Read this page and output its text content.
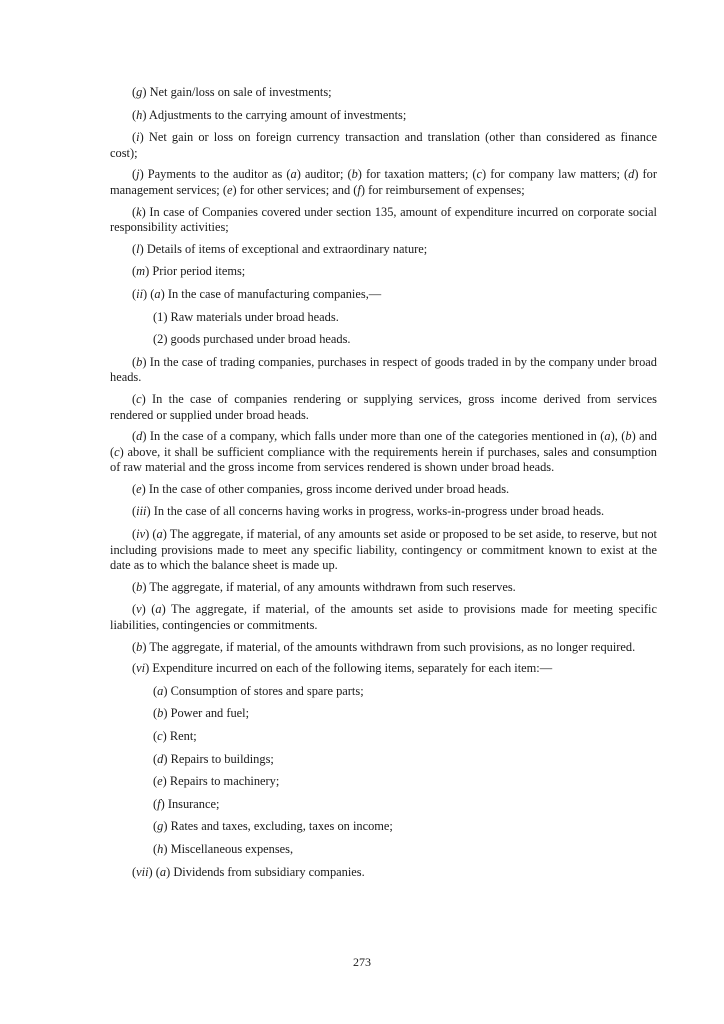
(g) Net gain/loss on sale of investments;

(h) Adjustments to the carrying amount of investments;

(i) Net gain or loss on foreign currency transaction and translation (other than considered as finance cost);

(j) Payments to the auditor as (a) auditor; (b) for taxation matters; (c) for company law matters; (d) for management services; (e) for other services; and (f) for reimbursement of expenses;

(k) In case of Companies covered under section 135, amount of expenditure incurred on corporate social responsibility activities;

(l) Details of items of exceptional and extraordinary nature;

(m) Prior period items;

(ii) (a) In the case of manufacturing companies,—

(1) Raw materials under broad heads.

(2) goods purchased under broad heads.

(b) In the case of trading companies, purchases in respect of goods traded in by the company under broad heads.

(c) In the case of companies rendering or supplying services, gross income derived from services rendered or supplied under broad heads.

(d) In the case of a company, which falls under more than one of the categories mentioned in (a), (b) and (c) above, it shall be sufficient compliance with the requirements herein if purchases, sales and consumption of raw material and the gross income from services rendered is shown under broad heads.

(e) In the case of other companies, gross income derived under broad heads.

(iii) In the case of all concerns having works in progress, works-in-progress under broad heads.

(iv) (a) The aggregate, if material, of any amounts set aside or proposed to be set aside, to reserve, but not including provisions made to meet any specific liability, contingency or commitment known to exist at the date as to which the balance sheet is made up.

(b) The aggregate, if material, of any amounts withdrawn from such reserves.

(v) (a) The aggregate, if material, of the amounts set aside to provisions made for meeting specific liabilities, contingencies or commitments.

(b) The aggregate, if material, of the amounts withdrawn from such provisions, as no longer required.

(vi) Expenditure incurred on each of the following items, separately for each item:—

(a) Consumption of stores and spare parts;

(b) Power and fuel;

(c) Rent;

(d) Repairs to buildings;

(e) Repairs to machinery;

(f) Insurance;

(g) Rates and taxes, excluding, taxes on income;

(h) Miscellaneous expenses,

(vii) (a) Dividends from subsidiary companies.

273
